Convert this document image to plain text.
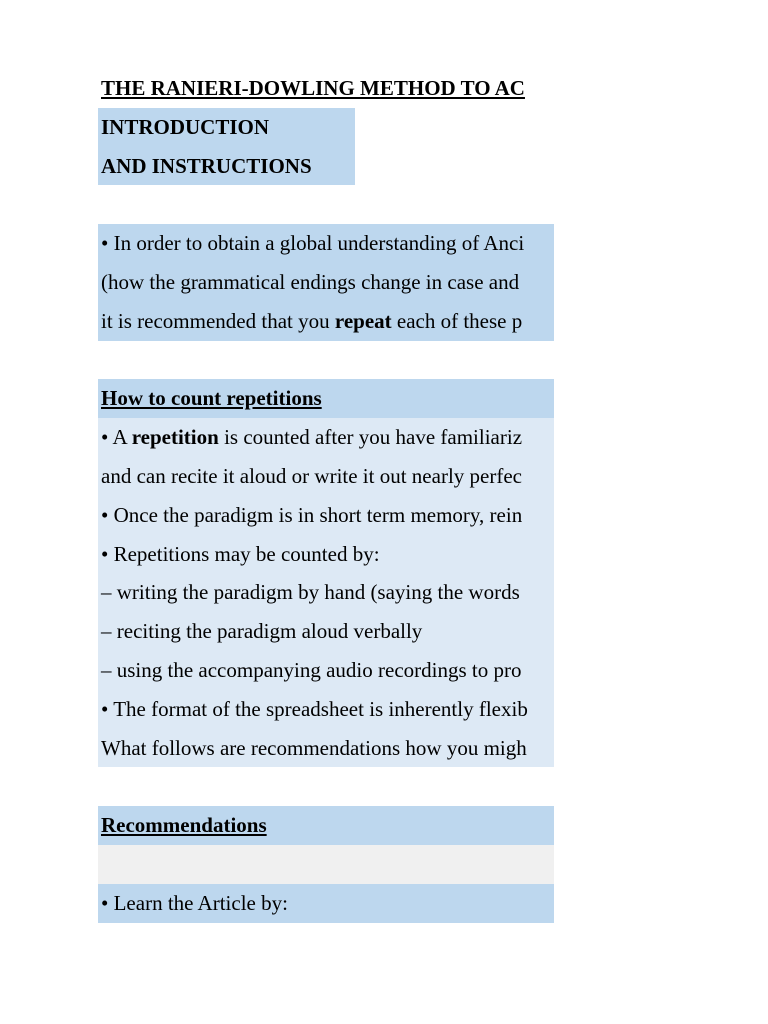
THE RANIERI-DOWLING METHOD TO AC
INTRODUCTION
AND INSTRUCTIONS
• In order to obtain a global understanding of Anci
(how the grammatical endings change in case and
it is recommended that you repeat each of these p
How to count repetitions
• A repetition is counted after you have familiariz
and can recite it aloud or write it out nearly perfec
• Once the paradigm is in short term memory, rein
• Repetitions may be counted by:
– writing the paradigm by hand (saying the words
– reciting the paradigm aloud verbally
– using the accompanying audio recordings to pro
• The format of the spreadsheet is inherently flexib
What follows are recommendations how you migh
Recommendations
• Learn the Article by:
